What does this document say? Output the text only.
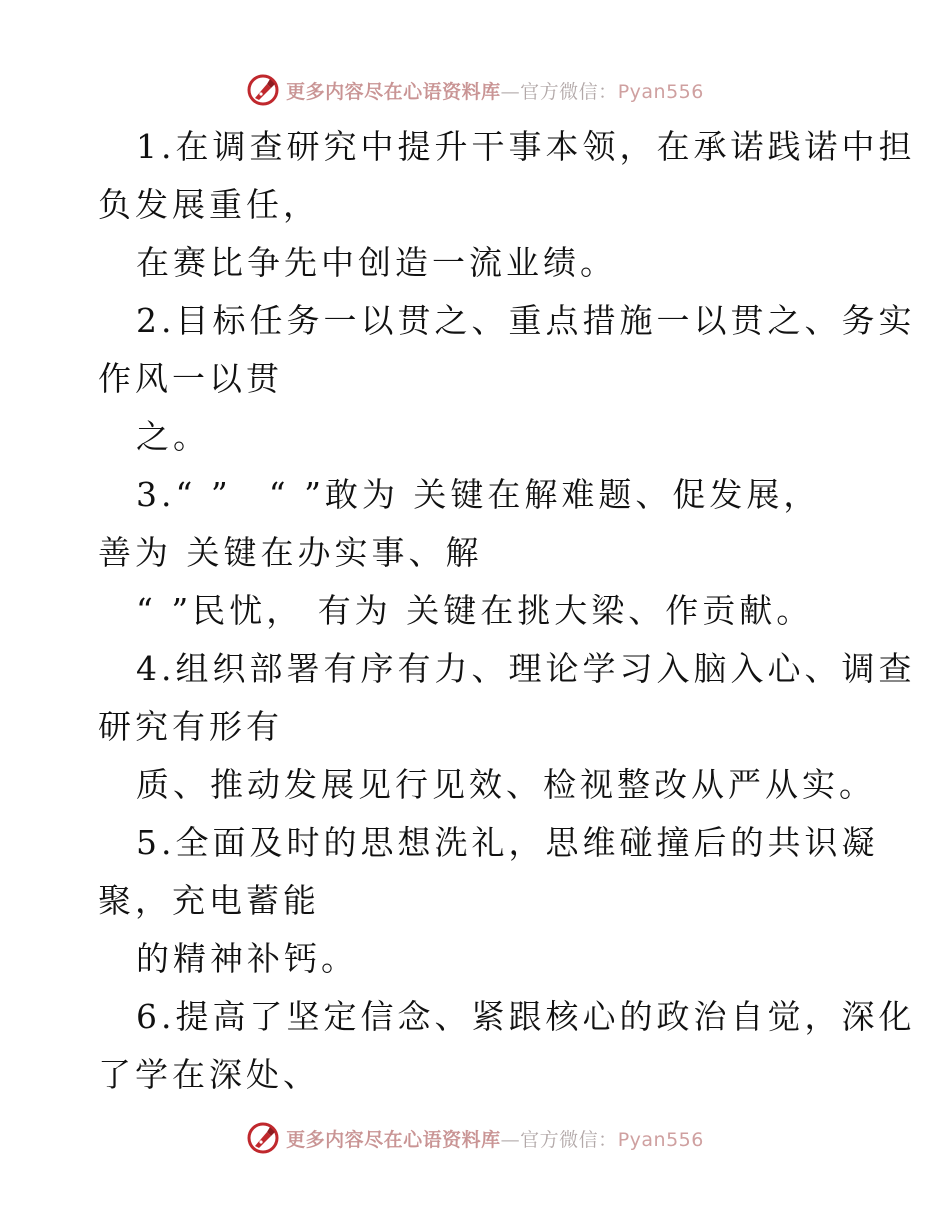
更多内容尽在心语资料库—官方微信：Pyan556
1.在调查研究中提升干事本领，在承诺践诺中担
负发展重任，
在赛比争先中创造一流业绩。
2.目标任务一以贯之、重点措施一以贯之、务实
作风一以贯
之。
3.“ ”　“ ”敢为 关键在解难题、促发展，
善为 关键在办实事、解
“ ”民忧， 有为 关键在挑大梁、作贡献。
4.组织部署有序有力、理论学习入脑入心、调查
研究有形有
质、推动发展见行见效、检视整改从严从实。
5.全面及时的思想洗礼，思维碰撞后的共识凝
聚，充电蓄能
的精神补钙。
6.提高了坚定信念、紧跟核心的政治自觉，深化
了学在深处、
更多内容尽在心语资料库—官方微信：Pyan556
